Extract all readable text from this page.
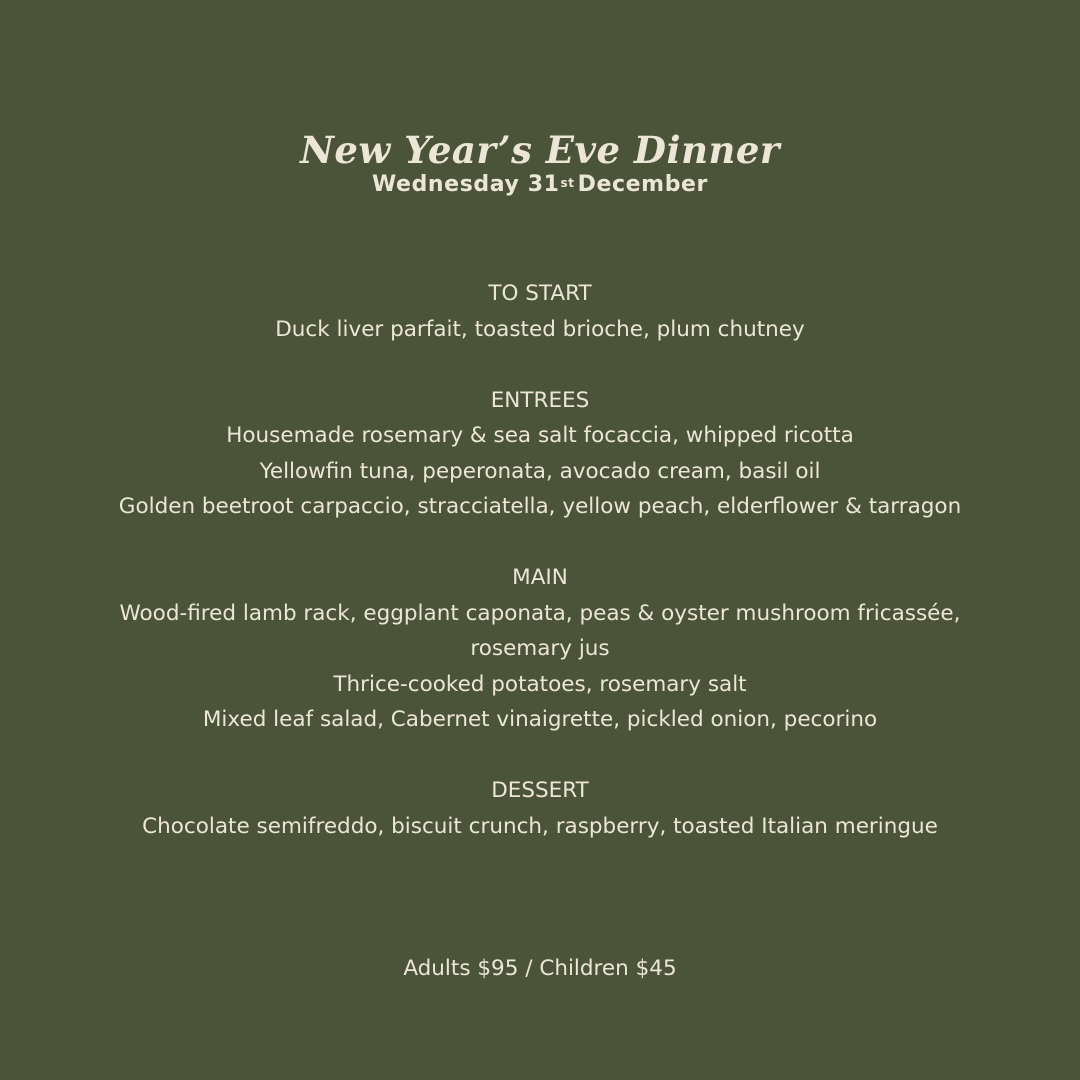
New Year’s Eve Dinner
Wednesday 31st December
TO START
Duck liver parfait, toasted brioche, plum chutney
ENTREES
Housemade rosemary & sea salt focaccia, whipped ricotta
Yellowfin tuna, peperonata, avocado cream, basil oil
Golden beetroot carpaccio, stracciatella, yellow peach, elderflower & tarragon
MAIN
Wood-fired lamb rack, eggplant caponata, peas & oyster mushroom fricassée,
rosemary jus
Thrice-cooked potatoes, rosemary salt
Mixed leaf salad, Cabernet vinaigrette, pickled onion, pecorino
DESSERT
Chocolate semifreddo, biscuit crunch, raspberry, toasted Italian meringue
Adults $95 / Children $45
